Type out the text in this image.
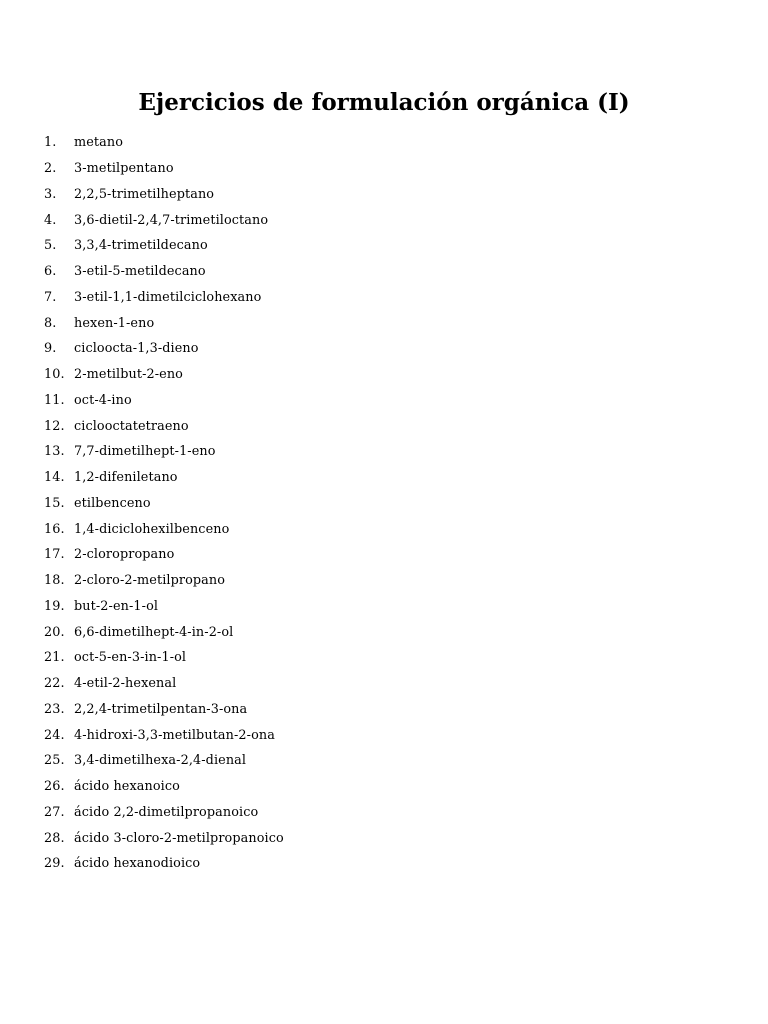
Ejercicios de formulación orgánica (I)
1.	metano
2.	3-metilpentano
3.	2,2,5-trimetilheptano
4.	3,6-dietil-2,4,7-trimetiloctano
5.	3,3,4-trimetildecano
6.	3-etil-5-metildecano
7.	3-etil-1,1-dimetilciclohexano
8.	hexen-1-eno
9.	cicloocta-1,3-dieno
10. 2-metilbut-2-eno
11. oct-4-ino
12. ciclooctatetraeno
13. 7,7-dimetilhept-1-eno
14. 1,2-difeniletano
15. etilbenceno
16. 1,4-diciclohexilbenceno
17. 2-cloropropano
18. 2-cloro-2-metilpropano
19. but-2-en-1-ol
20. 6,6-dimetilhept-4-in-2-ol
21. oct-5-en-3-in-1-ol
22. 4-etil-2-hexenal
23. 2,2,4-trimetilpentan-3-ona
24. 4-hidroxi-3,3-metilbutan-2-ona
25. 3,4-dimetilhexa-2,4-dienal
26. ácido hexanoico
27. ácido 2,2-dimetilpropanoico
28. ácido 3-cloro-2-metilpropanoico
29. ácido hexanodioico
